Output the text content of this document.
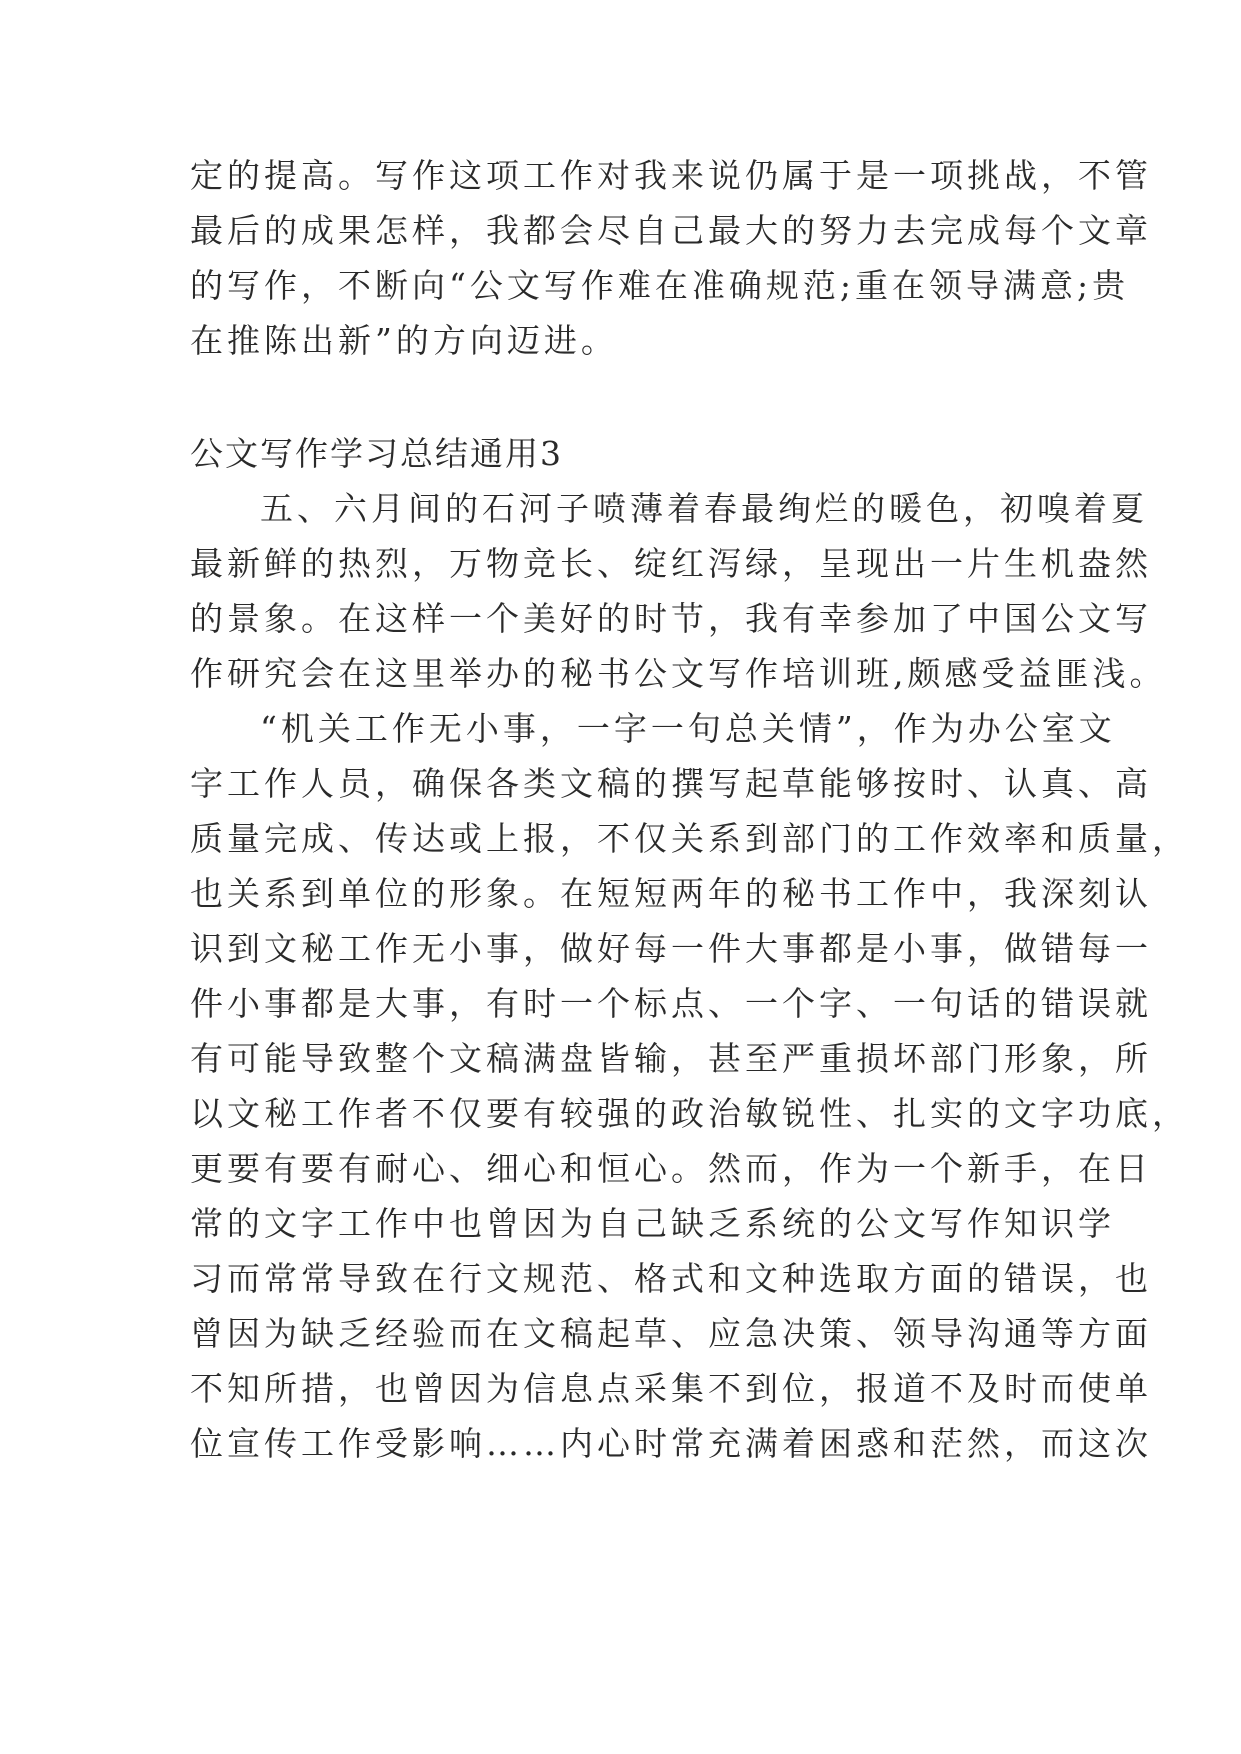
定的提高。写作这项工作对我来说仍属于是一项挑战，不管
最后的成果怎样，我都会尽自己最大的努力去完成每个文章
的写作，不断向“公文写作难在准确规范;重在领导满意;贵
在推陈出新”的方向迈进。
公文写作学习总结通用3
五、六月间的石河子喷薄着春最绚烂的暖色，初嗅着夏
最新鲜的热烈，万物竞长、绽红泻绿，呈现出一片生机盎然
的景象。在这样一个美好的时节，我有幸参加了中国公文写
作研究会在这里举办的秘书公文写作培训班,颇感受益匪浅。
“机关工作无小事，一字一句总关情”，作为办公室文
字工作人员，确保各类文稿的撰写起草能够按时、认真、高
质量完成、传达或上报，不仅关系到部门的工作效率和质量，
也关系到单位的形象。在短短两年的秘书工作中，我深刻认
识到文秘工作无小事，做好每一件大事都是小事，做错每一
件小事都是大事，有时一个标点、一个字、一句话的错误就
有可能导致整个文稿满盘皆输，甚至严重损坏部门形象，所
以文秘工作者不仅要有较强的政治敏锐性、扎实的文字功底，
更要有要有耐心、细心和恒心。然而，作为一个新手，在日
常的文字工作中也曾因为自己缺乏系统的公文写作知识学
习而常常导致在行文规范、格式和文种选取方面的错误，也
曾因为缺乏经验而在文稿起草、应急决策、领导沟通等方面
不知所措，也曾因为信息点采集不到位，报道不及时而使单
位宣传工作受影响……内心时常充满着困惑和茫然，而这次
